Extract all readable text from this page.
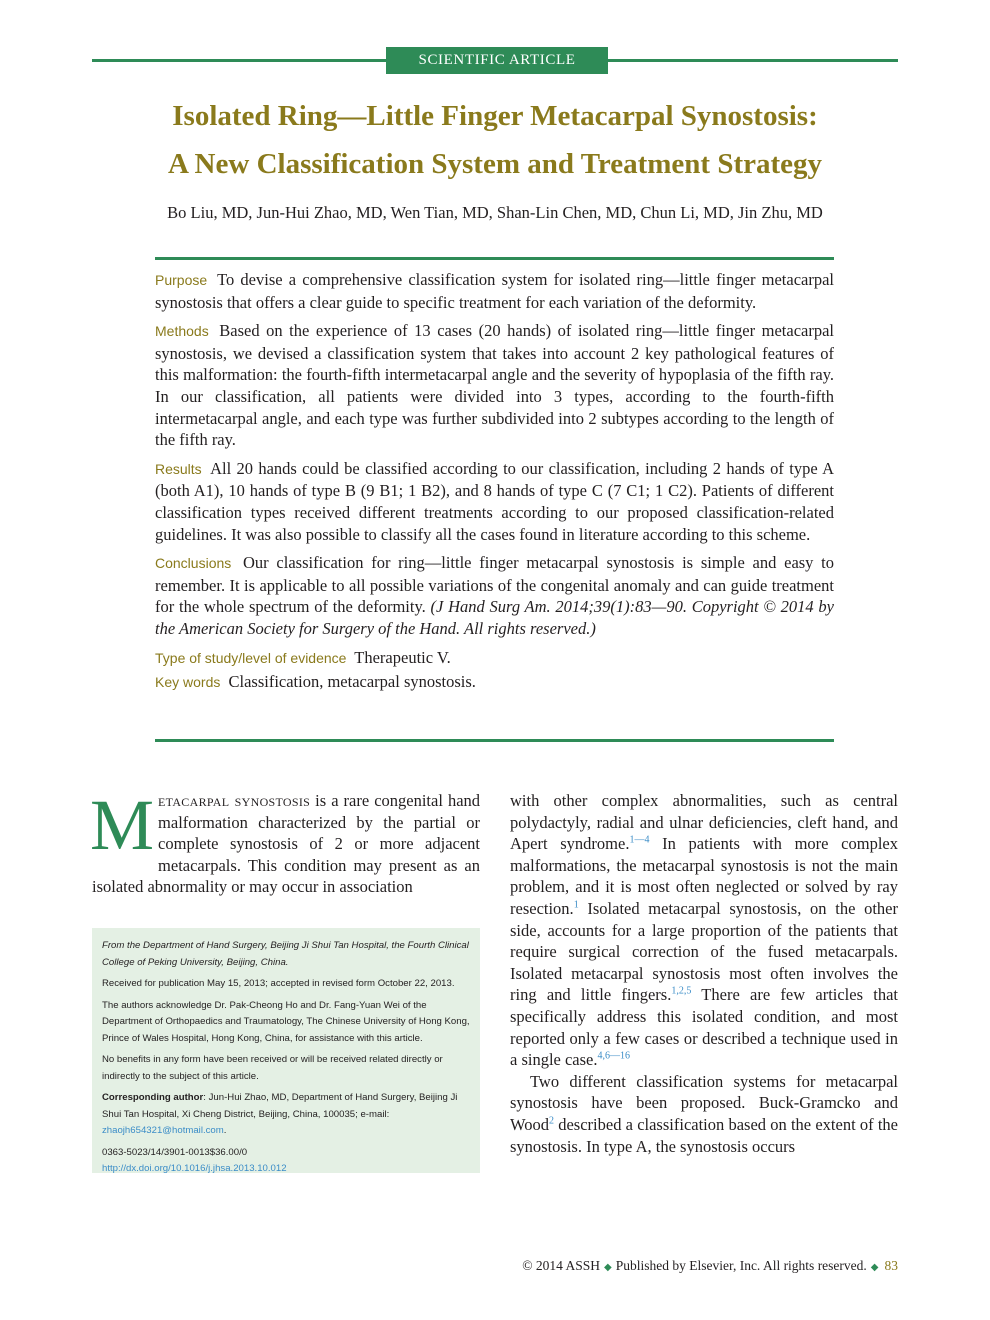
SCIENTIFIC ARTICLE
Isolated Ring—Little Finger Metacarpal Synostosis:
A New Classification System and Treatment Strategy
Bo Liu, MD, Jun-Hui Zhao, MD, Wen Tian, MD, Shan-Lin Chen, MD, Chun Li, MD, Jin Zhu, MD

Purpose To devise a comprehensive classification system for isolated ring—little finger metacarpal synostosis that offers a clear guide to specific treatment for each variation of the deformity.

Methods Based on the experience of 13 cases (20 hands) of isolated ring—little finger metacarpal synostosis, we devised a classification system that takes into account 2 key pathological features of this malformation: the fourth-fifth intermetacarpal angle and the severity of hypoplasia of the fifth ray. In our classification, all patients were divided into 3 types, according to the fourth-fifth intermetacarpal angle, and each type was further subdivided into 2 subtypes according to the length of the fifth ray.

Results All 20 hands could be classified according to our classification, including 2 hands of type A (both A1), 10 hands of type B (9 B1; 1 B2), and 8 hands of type C (7 C1; 1 C2). Patients of different classification types received different treatments according to our proposed classification-related guidelines. It was also possible to classify all the cases found in literature according to this scheme.

Conclusions Our classification for ring—little finger metacarpal synostosis is simple and easy to remember. It is applicable to all possible variations of the congenital anomaly and can guide treatment for the whole spectrum of the deformity. (J Hand Surg Am. 2014;39(1):83—90. Copyright © 2014 by the American Society for Surgery of the Hand. All rights reserved.)

Type of study/level of evidence Therapeutic V.

Key words Classification, metacarpal synostosis.

Metacarpal synostosis is a rare congenital hand malformation characterized by the partial or complete synostosis of 2 or more adjacent metacarpals. This condition may present as an isolated abnormality or may occur in association

From the Department of Hand Surgery, Beijing Ji Shui Tan Hospital, the Fourth Clinical College of Peking University, Beijing, China.

Received for publication May 15, 2013; accepted in revised form October 22, 2013.

The authors acknowledge Dr. Pak-Cheong Ho and Dr. Fang-Yuan Wei of the Department of Orthopaedics and Traumatology, The Chinese University of Hong Kong, Prince of Wales Hospital, Hong Kong, China, for assistance with this article.

No benefits in any form have been received or will be received related directly or indirectly to the subject of this article.

Corresponding author: Jun-Hui Zhao, MD, Department of Hand Surgery, Beijing Ji Shui Tan Hospital, Xi Cheng District, Beijing, China, 100035; e-mail: zhaojh654321@hotmail.com.

0363-5023/14/3901-0013$36.00/0
http://dx.doi.org/10.1016/j.jhsa.2013.10.012

with other complex abnormalities, such as central polydactyly, radial and ulnar deficiencies, cleft hand, and Apert syndrome.$^{1—4}$ In patients with more complex malformations, the metacarpal synostosis is not the main problem, and it is most often neglected or solved by ray resection.$^1$ Isolated metacarpal synostosis, on the other side, accounts for a large proportion of the patients that require surgical correction of the fused metacarpals. Isolated metacarpal synostosis most often involves the ring and little fingers.$^{1,2,5}$ There are few articles that specifically address this isolated condition, and most reported only a few cases or described a technique used in a single case.$^{4,6—16}$

Two different classification systems for metacarpal synostosis have been proposed. Buck-Gramcko and Wood$^2$ described a classification based on the extent of the synostosis. In type A, the synostosis occurs

© 2014 ASSH ◆ Published by Elsevier, Inc. All rights reserved. ◆ 83
